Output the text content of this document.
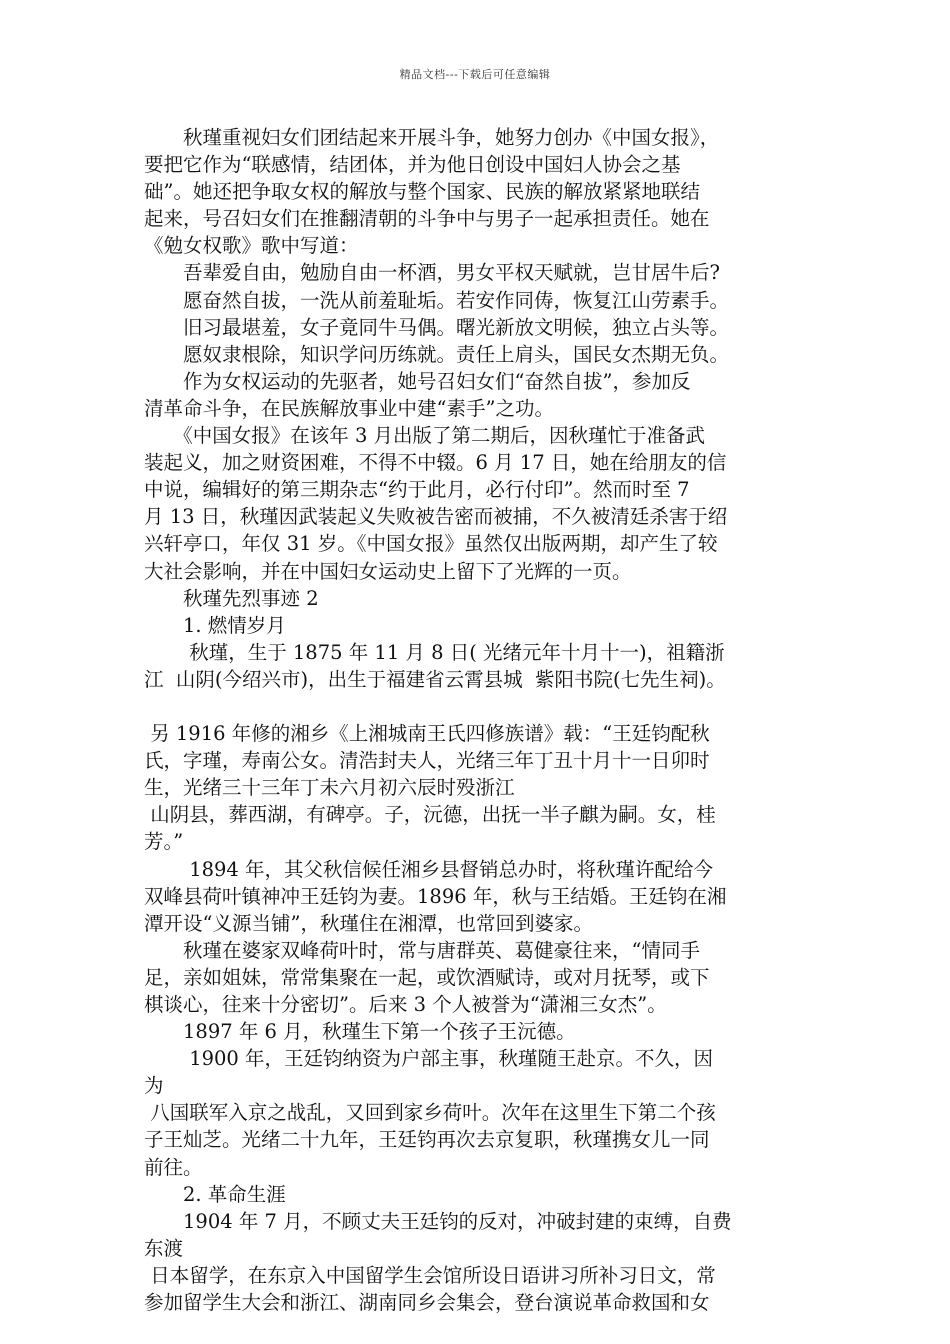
精品文档---下载后可任意编辑
　　秋瑾重视妇女们团结起来开展斗争，她努力创办《中国女报》，
要把它作为“联感情，结团体，并为他日创设中国妇人协会之基
础”。她还把争取女权的解放与整个国家、民族的解放紧紧地联结
起来，号召妇女们在推翻清朝的斗争中与男子一起承担责任。她在
《勉女权歌》歌中写道：
　　吾辈爱自由，勉励自由一杯酒，男女平权天赋就，岂甘居牛后?
　　愿奋然自拔，一洗从前羞耻垢。若安作同俦，恢复江山劳素手。
　　旧习最堪羞，女子竟同牛马偶。曙光新放文明候，独立占头等。
　　愿奴隶根除，知识学问历练就。责任上肩头，国民女杰期无负。
　　作为女权运动的先驱者，她号召妇女们“奋然自拔”，参加反
清革命斗争，在民族解放事业中建“素手”之功。
　　《中国女报》在该年 3 月出版了第二期后，因秋瑾忙于准备武
装起义，加之财资困难，不得不中辍。6 月 17 日，她在给朋友的信
中说，编辑好的第三期杂志“约于此月，必行付印”。然而时至 7
月 13 日，秋瑾因武装起义失败被告密而被捕，不久被清廷杀害于绍
兴轩亭口，年仅 31 岁。《中国女报》虽然仅出版两期，却产生了较
大社会影响，并在中国妇女运动史上留下了光辉的一页。
　　秋瑾先烈事迹 2
　　1. 燃情岁月
　　 秋瑾，生于 1875 年 11 月 8 日( 光绪元年十月十一)，祖籍浙
江  山阴(今绍兴市)，出生于福建省云霄县城  紫阳书院(七先生祠)。
另 1916 年修的湘乡《上湘城南王氏四修族谱》载：“王廷钧配秋
氏，字瑾，寿南公女。清浩封夫人，光绪三年丁丑十月十一日卯时
生，光绪三十三年丁未六月初六辰时殁浙江
山阴县，葬西湖，有碑亭。子，沅德，出抚一半子麒为嗣。女，桂
芳。”
　　 1894 年，其父秋信候任湘乡县督销总办时，将秋瑾许配给今
双峰县荷叶镇神冲王廷钧为妻。1896 年，秋与王结婚。王廷钧在湘
潭开设“义源当铺”，秋瑾住在湘潭，也常回到婆家。
　　秋瑾在婆家双峰荷叶时，常与唐群英、葛健豪往来，“情同手
足，亲如姐妹，常常集聚在一起，或饮酒赋诗，或对月抚琴，或下
棋谈心，往来十分密切”。后来 3 个人被誉为“潇湘三女杰”。
　　1897 年 6 月，秋瑾生下第一个孩子王沅德。
　　 1900 年，王廷钧纳资为户部主事，秋瑾随王赴京。不久，因
为
八国联军入京之战乱，又回到家乡荷叶。次年在这里生下第二个孩
子王灿芝。光绪二十九年，王廷钧再次去京复职，秋瑾携女儿一同
前往。
　　2. 革命生涯
　　1904 年 7 月，不顾丈夫王廷钧的反对，冲破封建的束缚，自费
东渡
日本留学，在东京入中国留学生会馆所设日语讲习所补习日文，常
参加留学生大会和浙江、湖南同乡会集会，登台演说革命救国和女
